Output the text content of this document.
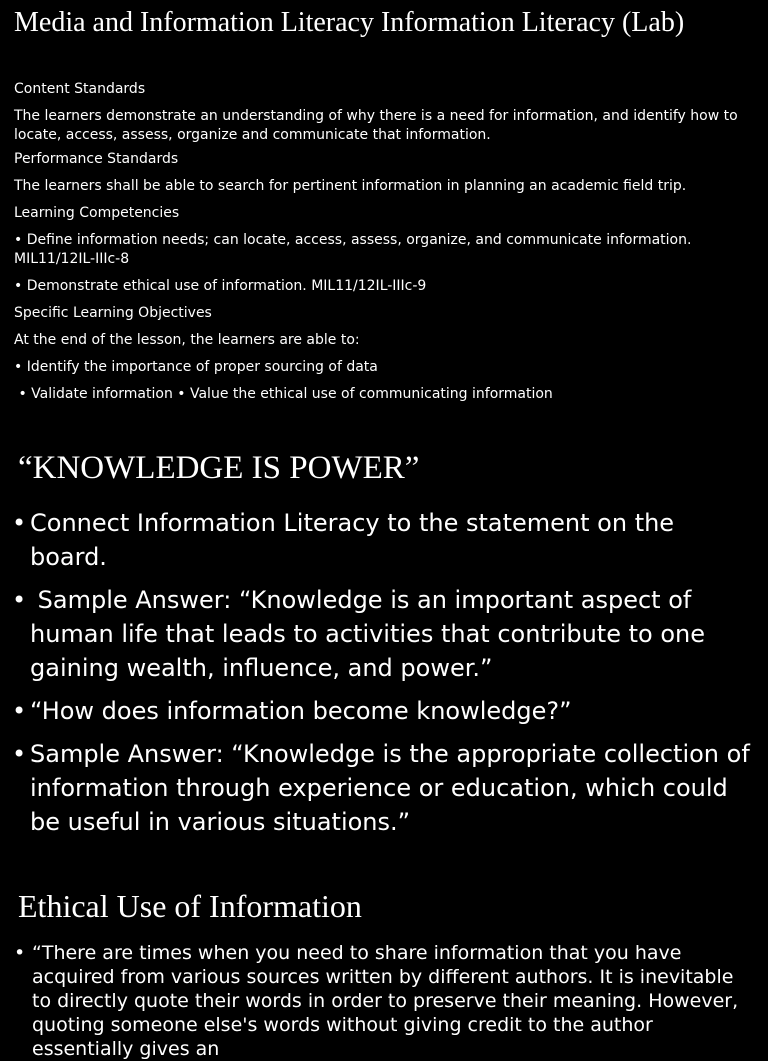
Media and Information Literacy Information Literacy (Lab)

Content Standards

The learners demonstrate an understanding of why there is a need for information, and identify how to locate, access, assess, organize and communicate that information.

Performance Standards

The learners shall be able to search for pertinent information in planning an academic field trip.

Learning Competencies

• Define information needs; can locate, access, assess, organize, and communicate information. MIL11/12IL-IIIc-8

• Demonstrate ethical use of information. MIL11/12IL-IIIc-9

Specific Learning Objectives

At the end of the lesson, the learners are able to:

• Identify the importance of proper sourcing of data

• Validate information • Value the ethical use of communicating information

“KNOWLEDGE IS POWER”
• Connect Information Literacy to the statement on the board.
• Sample Answer: “Knowledge is an important aspect of human life that leads to activities that contribute to one gaining wealth, influence, and power.”
• “How does information become knowledge?”
• Sample Answer: “Knowledge is the appropriate collection of information through experience or education, which could be useful in various situations.”
Ethical Use of Information
• “There are times when you need to share information that you have acquired from various sources written by different authors. It is inevitable to directly quote their words in order to preserve their meaning. However, quoting someone else's words without giving credit to the author essentially gives an
